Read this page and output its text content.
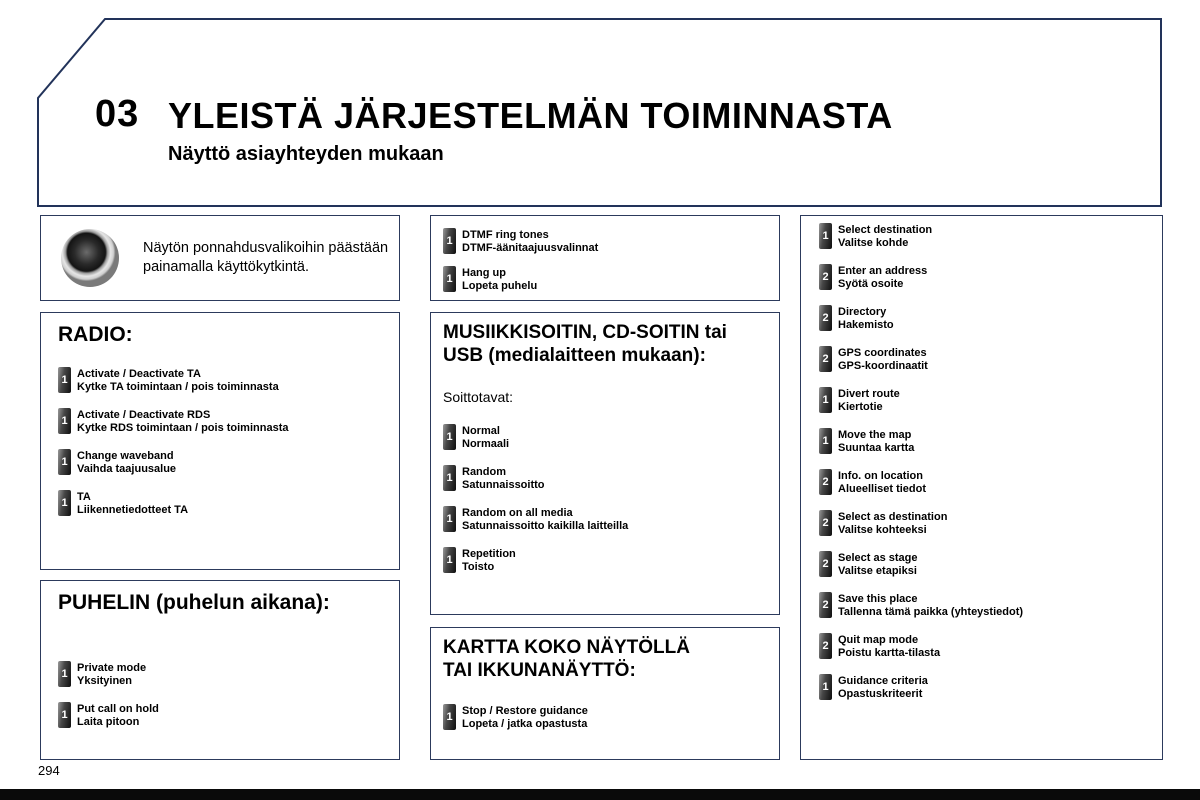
03 YLEISTÄ JÄRJESTELMÄN TOIMINNASTA
Näyttö asiayhteyden mukaan
Näytön ponnahdusvalikoihin päästään painamalla käyttökytkintä.
RADIO:
1 Activate / Deactivate TA
Kytke TA toimintaan / pois toiminnasta
1 Activate / Deactivate RDS
Kytke RDS toimintaan / pois toiminnasta
1 Change waveband
Vaihda taajuusalue
1 TA
Liikennetiedotteet TA
PUHELIN (puhelun aikana):
1 Private mode
Yksityinen
1 Put call on hold
Laita pitoon
1 DTMF ring tones
DTMF-äänitaajuusvalinnat
1 Hang up
Lopeta puhelu
MUSIIKKISOITIN, CD-SOITIN tai USB (medialaitteen mukaan):
Soittotavat:
1 Normal
Normaali
1 Random
Satunnaissoitto
1 Random on all media
Satunnaissoitto kaikilla laitteilla
1 Repetition
Toisto
KARTTA KOKO NÄYTÖLLÄ TAI IKKUNANÄYTTÖ:
1 Stop / Restore guidance
Lopeta / jatka opastusta
1 Select destination
Valitse kohde
2 Enter an address
Syötä osoite
2 Directory
Hakemisto
2 GPS coordinates
GPS-koordinaatit
1 Divert route
Kiertotie
1 Move the map
Suuntaa kartta
2 Info. on location
Alueelliset tiedot
2 Select as destination
Valitse kohteeksi
2 Select as stage
Valitse etapiksi
2 Save this place
Tallenna tämä paikka (yhteystiedot)
2 Quit map mode
Poistu kartta-tilasta
1 Guidance criteria
Opastuskriteerit
294
